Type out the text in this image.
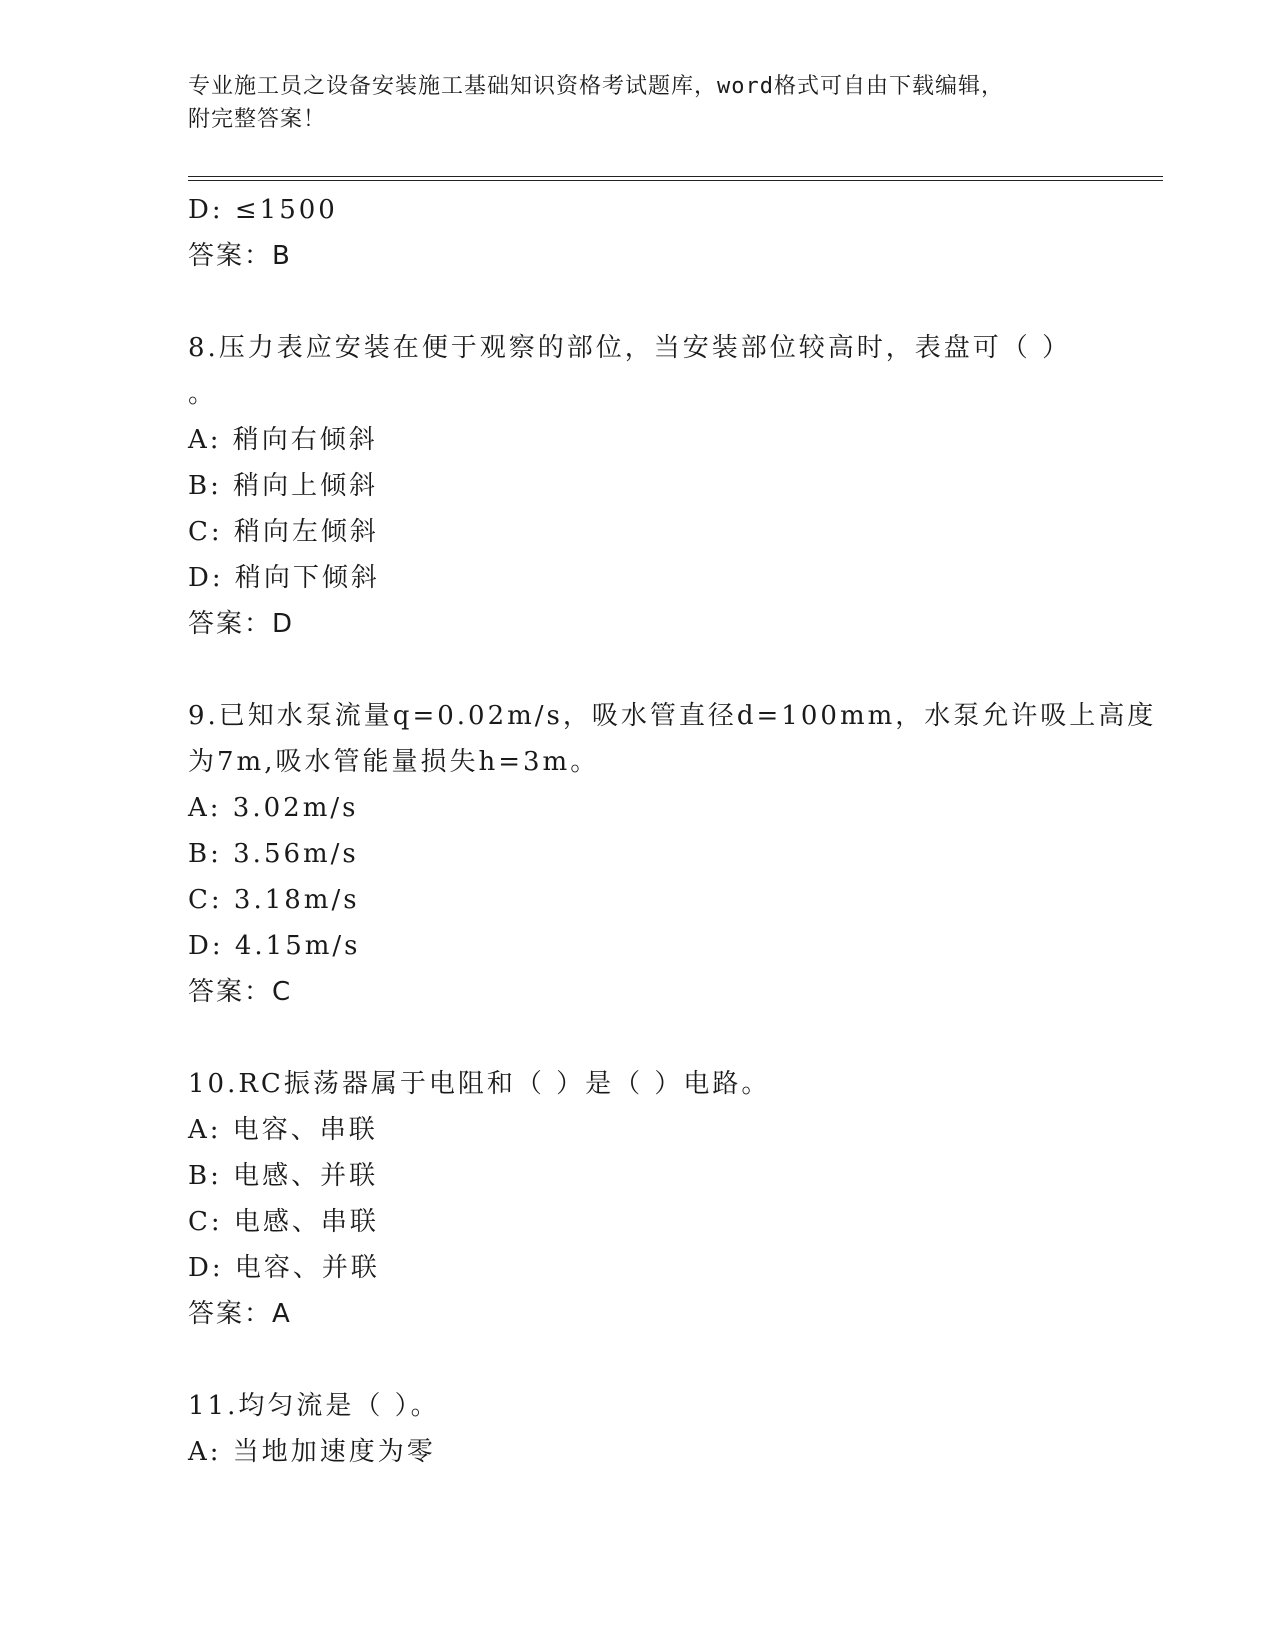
专业施工员之设备安装施工基础知识资格考试题库，word格式可自由下载编辑，

附完整答案！

D: ≤1500
答案：B

8.压力表应安装在便于观察的部位，当安装部位较高时，表盘可（ ）

。

A: 稍向右倾斜
B: 稍向上倾斜
C: 稍向左倾斜
D: 稍向下倾斜
答案：D

9.已知水泵流量q=0.02m/s，吸水管直径d=100mm，水泵允许吸上高度

为7m,吸水管能量损失h=3m。

A: 3.02m/s
B: 3.56m/s
C: 3.18m/s
D: 4.15m/s
答案：C

10.RC振荡器属于电阻和（ ）是（ ）电路。

A: 电容、串联
B: 电感、并联
C: 电感、串联
D: 电容、并联
答案：A

11.均匀流是（ ）。

A: 当地加速度为零
